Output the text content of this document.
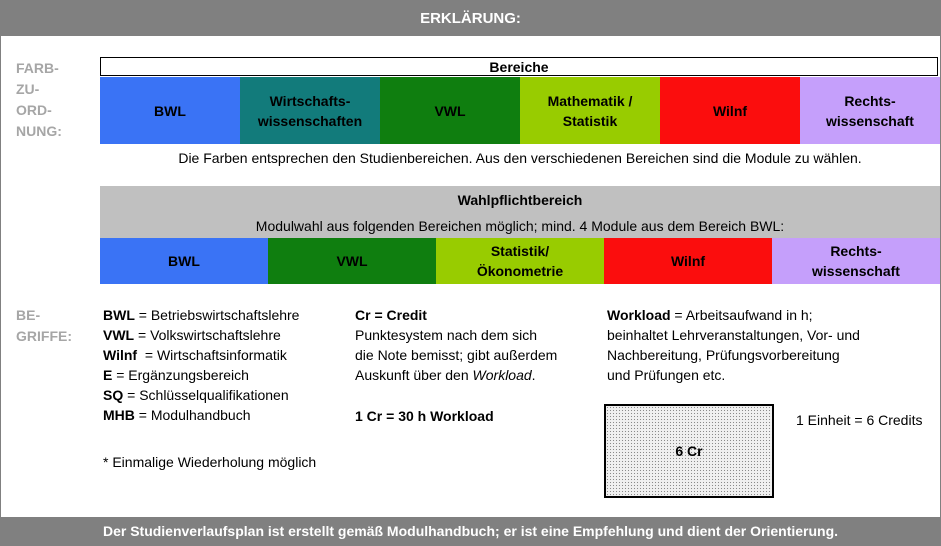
ERKLÄRUNG:
FARB-
ZU-
ORD-
NUNG:
Bereiche
BWL
Wirtschafts-
wissenschaften
VWL
Mathematik /
Statistik
Wilnf
Rechts-
wissenschaft
Die Farben entsprechen den Studienbereichen. Aus den verschiedenen Bereichen sind die Module zu wählen.
Wahlpflichtbereich
Modulwahl aus folgenden Bereichen möglich; mind. 4 Module aus dem Bereich BWL:
BWL	VWL
Statistik/
Ökonometrie
Wilnf
Rechts-
wissenschaft
BE-
GRIFFE:
BWL = Betriebswirtschaftslehre
VWL = Volkswirtschaftslehre
Wilnf  = Wirtschaftsinformatik
E = Ergänzungsbereich
SQ = Schlüsselqualifikationen
MHB = Modulhandbuch
* Einmalige Wiederholung möglich
Cr = Credit
Punktesystem nach dem sich
die Note bemisst; gibt außerdem
Auskunft über den Workload.
1 Cr = 30 h Workload
Workload = Arbeitsaufwand in h;
beinhaltet Lehrveranstaltungen, Vor- und
Nachbereitung, Prüfungsvorbereitung
und Prüfungen etc.
6 Cr
1 Einheit = 6 Credits
Der Studienverlaufsplan ist erstellt gemäß Modulhandbuch; er ist eine Empfehlung und dient der Orientierung.
